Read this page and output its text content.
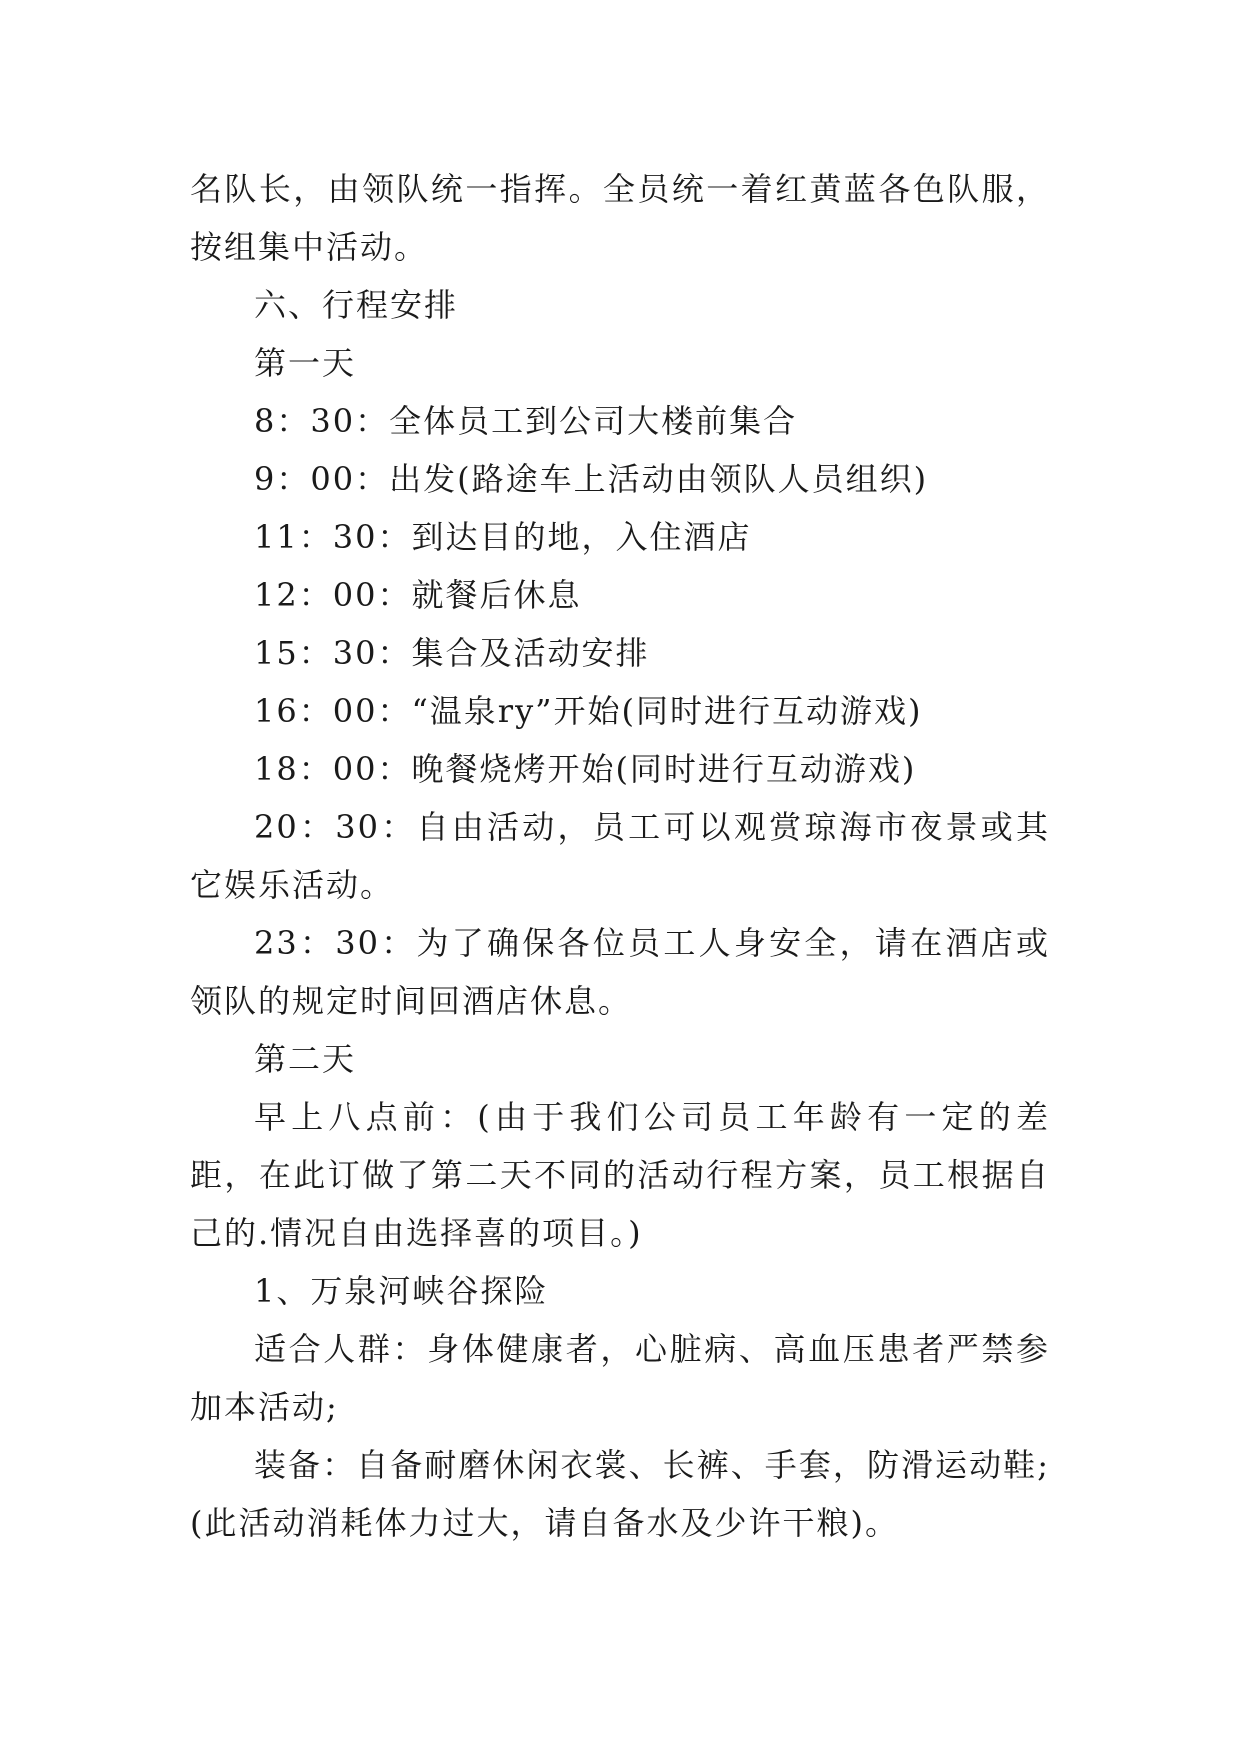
名队长，由领队统一指挥。全员统一着红黄蓝各色队服，按组集中活动。

六、行程安排

第一天

8：30：全体员工到公司大楼前集合

9：00：出发(路途车上活动由领队人员组织)

11：30：到达目的地，入住酒店

12：00：就餐后休息

15：30：集合及活动安排

16：00：“温泉ry”开始(同时进行互动游戏)

18：00：晚餐烧烤开始(同时进行互动游戏)

20：30：自由活动，员工可以观赏琼海市夜景或其它娱乐活动。

23：30：为了确保各位员工人身安全，请在酒店或领队的规定时间回酒店休息。

第二天

早上八点前：(由于我们公司员工年龄有一定的差距，在此订做了第二天不同的活动行程方案，员工根据自己的.情况自由选择喜的项目。)

1、万泉河峡谷探险

适合人群：身体健康者，心脏病、高血压患者严禁参加本活动;

装备：自备耐磨休闲衣裳、长裤、手套，防滑运动鞋;(此活动消耗体力过大，请自备水及少许干粮)。
